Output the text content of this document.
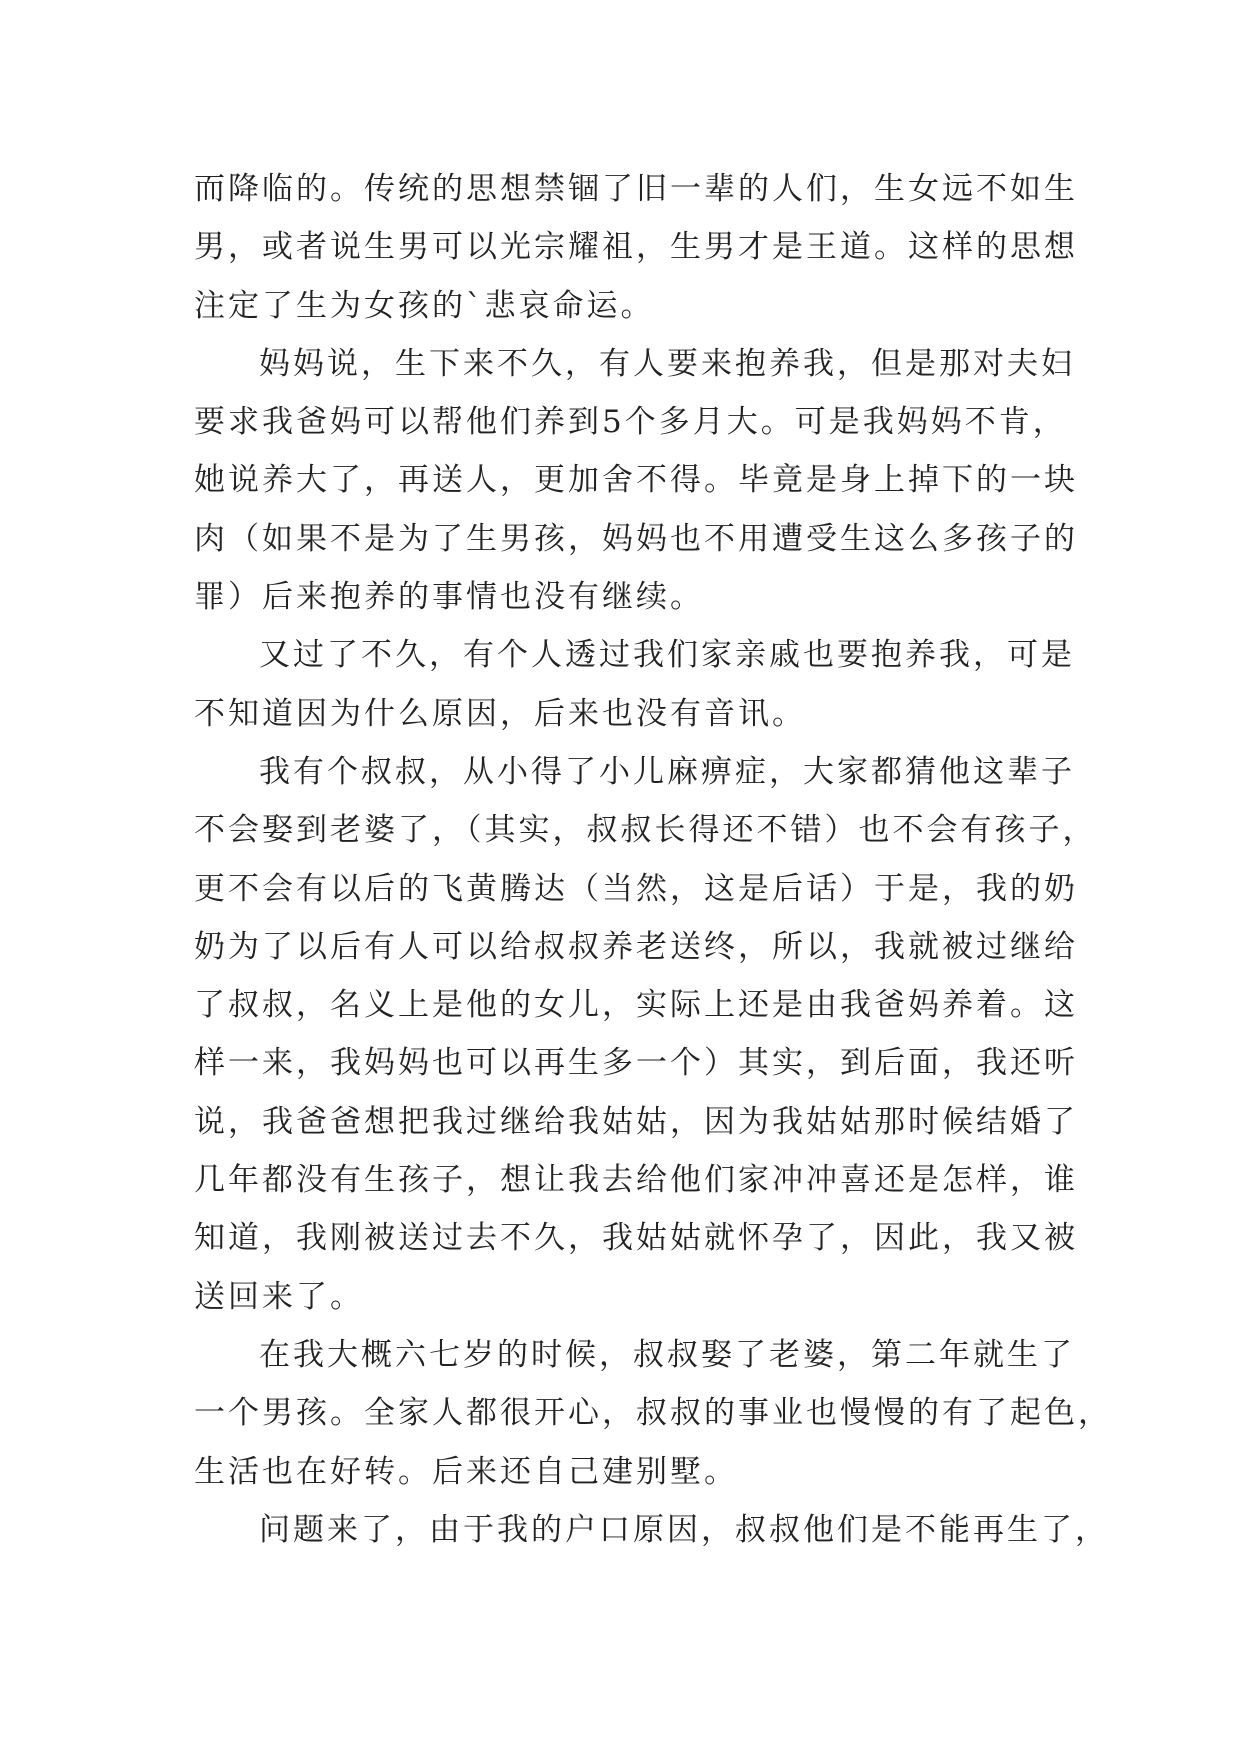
而降临的。传统的思想禁锢了旧一辈的人们，生女远不如生
男，或者说生男可以光宗耀祖，生男才是王道。这样的思想
注定了生为女孩的`悲哀命运。
妈妈说，生下来不久，有人要来抱养我，但是那对夫妇
要求我爸妈可以帮他们养到5个多月大。可是我妈妈不肯，
她说养大了，再送人，更加舍不得。毕竟是身上掉下的一块
肉（如果不是为了生男孩，妈妈也不用遭受生这么多孩子的
罪）后来抱养的事情也没有继续。
又过了不久，有个人透过我们家亲戚也要抱养我，可是
不知道因为什么原因，后来也没有音讯。
我有个叔叔，从小得了小儿麻痹症，大家都猜他这辈子
不会娶到老婆了，（其实，叔叔长得还不错）也不会有孩子，
更不会有以后的飞黄腾达（当然，这是后话）于是，我的奶
奶为了以后有人可以给叔叔养老送终，所以，我就被过继给
了叔叔，名义上是他的女儿，实际上还是由我爸妈养着。这
样一来，我妈妈也可以再生多一个）其实，到后面，我还听
说，我爸爸想把我过继给我姑姑，因为我姑姑那时候结婚了
几年都没有生孩子，想让我去给他们家冲冲喜还是怎样，谁
知道，我刚被送过去不久，我姑姑就怀孕了，因此，我又被
送回来了。
在我大概六七岁的时候，叔叔娶了老婆，第二年就生了
一个男孩。全家人都很开心，叔叔的事业也慢慢的有了起色，
生活也在好转。后来还自己建别墅。
问题来了，由于我的户口原因，叔叔他们是不能再生了，
